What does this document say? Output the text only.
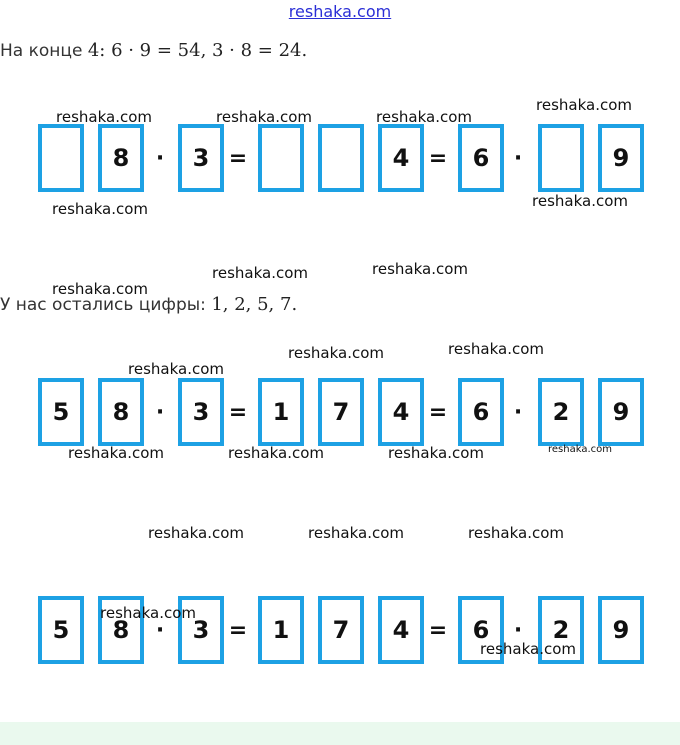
reshaka.com
На конце 4: 6 · 9 = 54, 3 · 8 = 24.
У нас остались цифры: 1, 2, 5, 7.
8	·	3 =	4 =	6	·	9
5	8	·	3 =	1	7	4 =	6	·	2	9
5	8	·	3 =	1	7	4 =	6	·	2	9
reshaka.com	reshaka.com	reshaka.com
reshaka.com
reshaka.com	reshaka.com
reshaka.com	reshaka.com
reshaka.com
reshaka.com	reshaka.com
reshaka.com
reshaka.com	reshaka.com	reshaka.com	reshaka.com
reshaka.com	reshaka.com	reshaka.com
reshaka.com
reshaka.com
